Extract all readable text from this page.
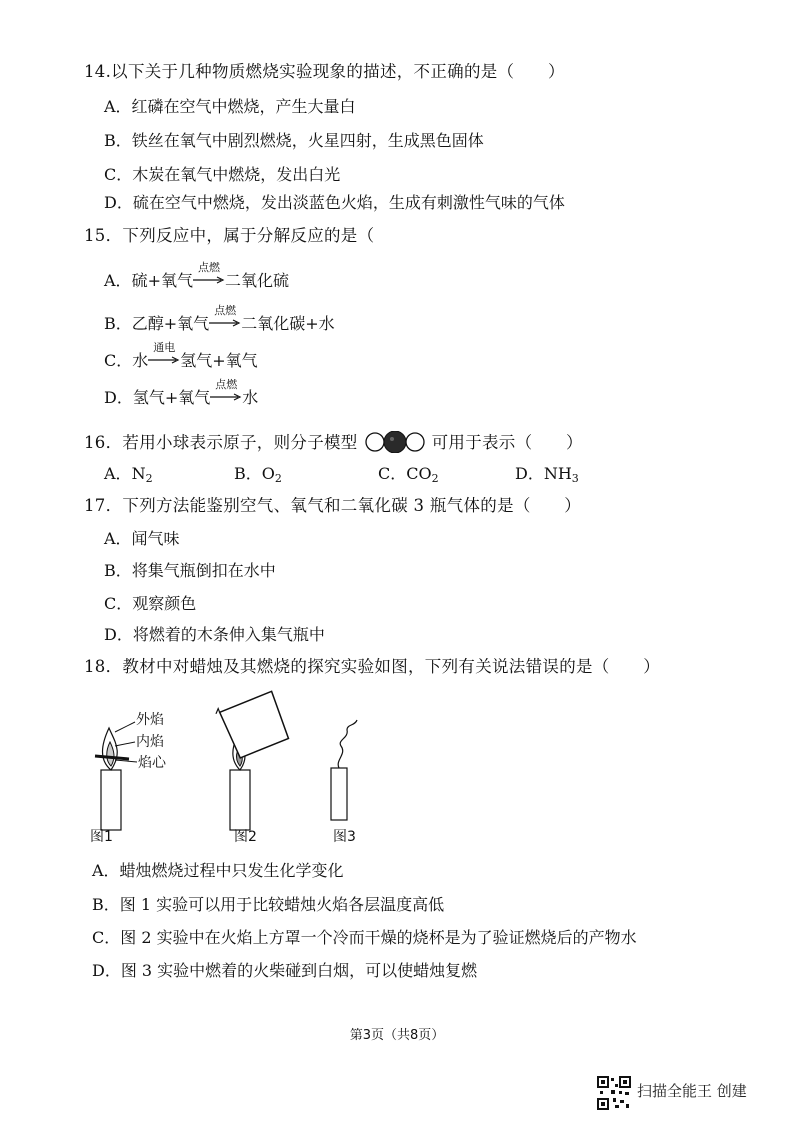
14.以下关于几种物质燃烧实验现象的描述，不正确的是（　　）
A．红磷在空气中燃烧，产生大量白
B．铁丝在氧气中剧烈燃烧，火星四射，生成黑色固体
C．木炭在氧气中燃烧，发出白光
D．硫在空气中燃烧，发出淡蓝色火焰，生成有刺激性气味的气体
15．下列反应中，属于分解反应的是（
A．硫+氧气
点燃
二氧化硫
B．乙醇+氧气
点燃
二氧化碳+水
C．水
通电
氢气+氧气
D．氢气+氧气
点燃
水
16．若用小球表示原子，则分子模型	可用于表示（　　）
A．$N_2$	B．$O_2$	C．$CO_2$	D．$NH_3$
17．下列方法能鉴别空气、氧气和二氧化碳 3 瓶气体的是（　　）
A．闻气味
B．将集气瓶倒扣在水中
C．观察颜色
D．将燃着的木条伸入集气瓶中
18．教材中对蜡烛及其燃烧的探究实验如图，下列有关说法错误的是（　　）
外焰
内焰
焰心
图1	图2	图3
A．蜡烛燃烧过程中只发生化学变化
B．图 1 实验可以用于比较蜡烛火焰各层温度高低
C．图 2 实验中在火焰上方罩一个冷而干燥的烧杯是为了验证燃烧后的产物水
D．图 3 实验中燃着的火柴碰到白烟，可以使蜡烛复燃
第3页（共8页）
扫描全能王 创建
